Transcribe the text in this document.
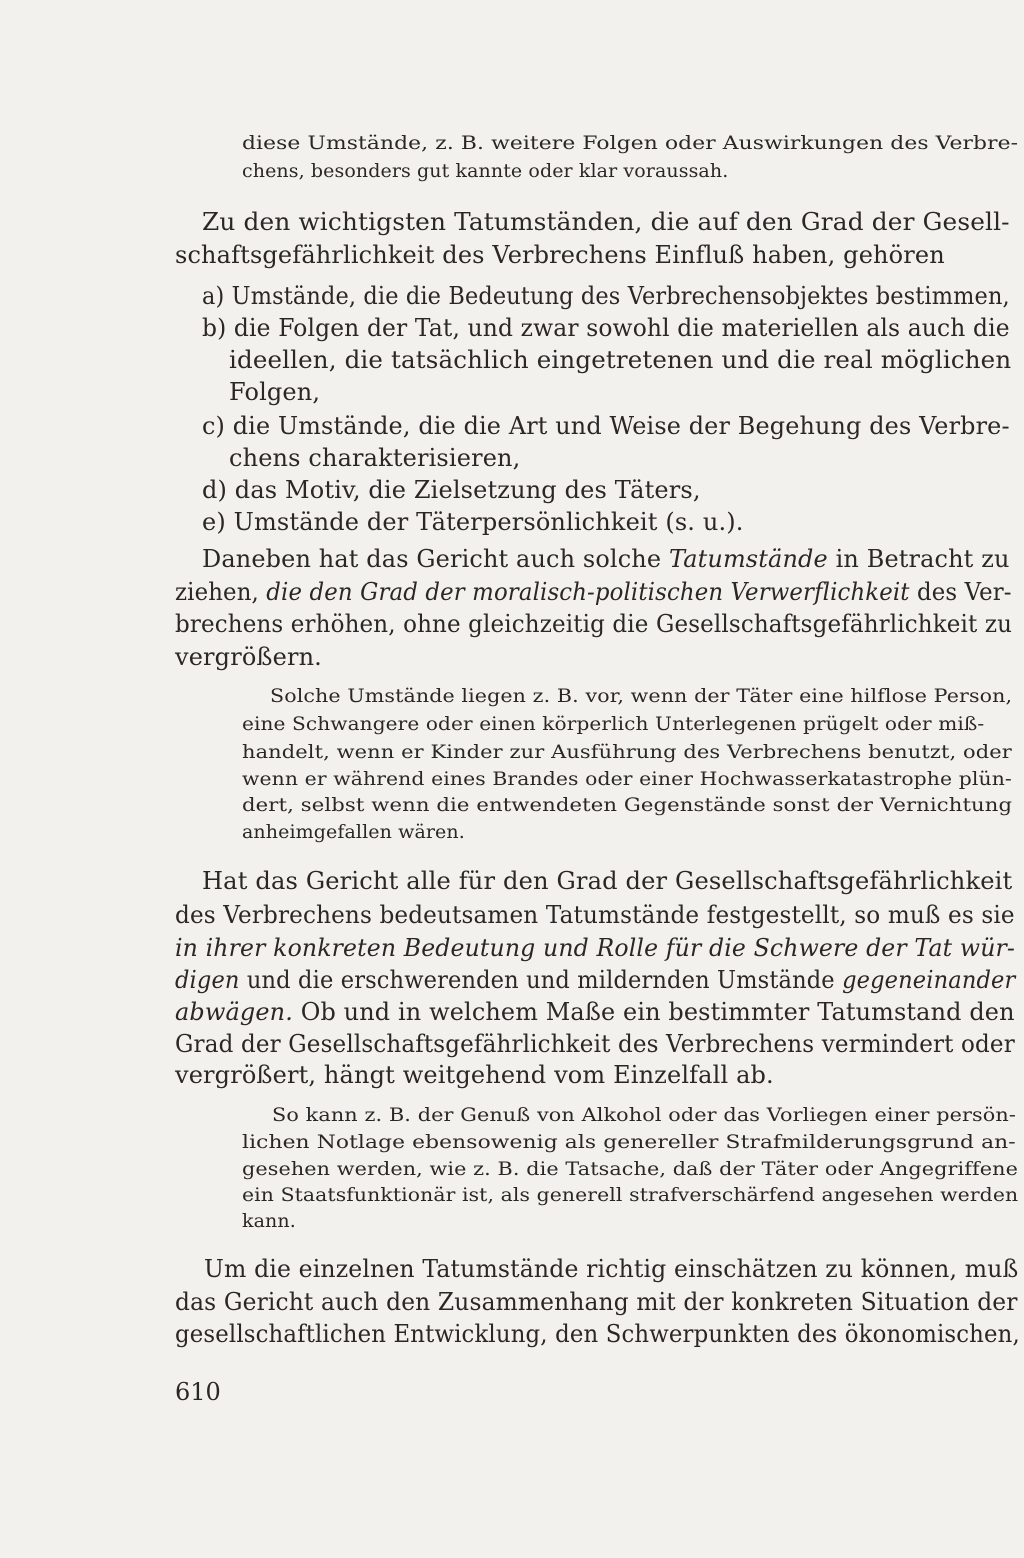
diese Umstände, z. B. weitere Folgen oder Auswirkungen des Verbre-
chens, besonders gut kannte oder klar voraussah.
Zu den wichtigsten Tatumständen, die auf den Grad der Gesell-
schaftsgefährlichkeit des Verbrechens Einfluß haben, gehören
a) Umstände, die die Bedeutung des Verbrechensobjektes bestimmen,
b) die Folgen der Tat, und zwar sowohl die materiellen als auch die
ideellen, die tatsächlich eingetretenen und die real möglichen
Folgen,
c) die Umstände, die die Art und Weise der Begehung des Verbre-
chens charakterisieren,
d) das Motiv, die Zielsetzung des Täters,
e) Umstände der Täterpersönlichkeit (s. u.).
Daneben hat das Gericht auch solche Tatumstände in Betracht zu
ziehen, die den Grad der moralisch-politischen Verwerflichkeit des Ver-
brechens erhöhen, ohne gleichzeitig die Gesellschaftsgefährlichkeit zu
vergrößern.
Solche Umstände liegen z. B. vor, wenn der Täter eine hilflose Person,
eine Schwangere oder einen körperlich Unterlegenen prügelt oder miß-
handelt, wenn er Kinder zur Ausführung des Verbrechens benutzt, oder
wenn er während eines Brandes oder einer Hochwasserkatastrophe plün-
dert, selbst wenn die entwendeten Gegenstände sonst der Vernichtung
anheimgefallen wären.
Hat das Gericht alle für den Grad der Gesellschaftsgefährlichkeit
des Verbrechens bedeutsamen Tatumstände festgestellt, so muß es sie
in ihrer konkreten Bedeutung und Rolle für die Schwere der Tat wür-
digen und die erschwerenden und mildernden Umstände gegeneinander
abwägen. Ob und in welchem Maße ein bestimmter Tatumstand den
Grad der Gesellschaftsgefährlichkeit des Verbrechens vermindert oder
vergrößert, hängt weitgehend vom Einzelfall ab.
So kann z. B. der Genuß von Alkohol oder das Vorliegen einer persön-
lichen Notlage ebensowenig als genereller Strafmilderungsgrund an-
gesehen werden, wie z. B. die Tatsache, daß der Täter oder Angegriffene
ein Staatsfunktionär ist, als generell strafverschärfend angesehen werden
kann.
Um die einzelnen Tatumstände richtig einschätzen zu können, muß
das Gericht auch den Zusammenhang mit der konkreten Situation der
gesellschaftlichen Entwicklung, den Schwerpunkten des ökonomischen,
610
